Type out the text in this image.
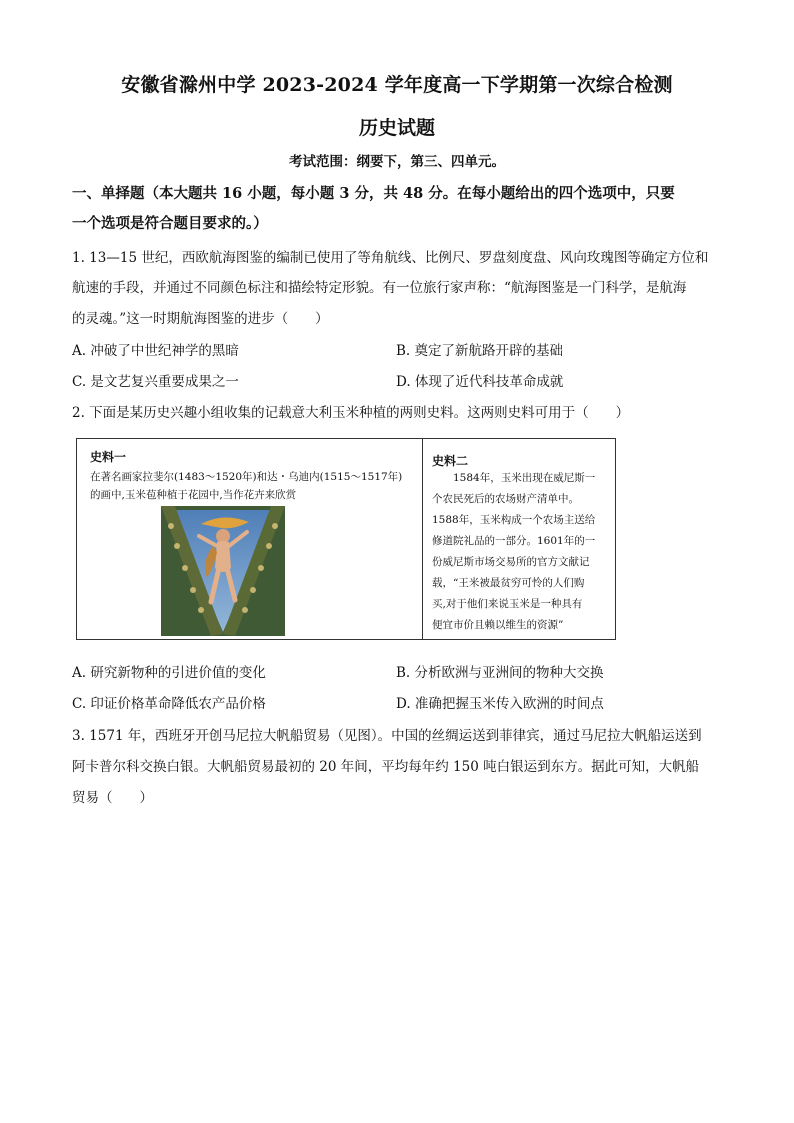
安徽省滁州中学 2023-2024 学年度高一下学期第一次综合检测
历史试题
考试范围：纲要下，第三、四单元。
一、单择题（本大题共 16 小题，每小题 3 分，共 48 分。在每小题给出的四个选项中，只要
一个选项是符合题目要求的。）
1. 13—15 世纪，西欧航海图鉴的编制已使用了等角航线、比例尺、罗盘刻度盘、风向玫瑰图等确定方位和
航速的手段，并通过不同颜色标注和描绘特定形貌。有一位旅行家声称：“航海图鉴是一门科学，是航海
的灵魂。”这一时期航海图鉴的进步（　　）
A. 冲破了中世纪神学的黑暗	B. 奠定了新航路开辟的基础
C. 是文艺复兴重要成果之一	D. 体现了近代科技革命成就
2. 下面是某历史兴趣小组收集的记载意大利玉米种植的两则史料。这两则史料可用于（　　）
史料一
在著名画家拉斐尔(1483～1520年)和达・乌迪内(1515～1517年)
的画中,玉米苞种植于花园中,当作花卉来欣赏
史料二
　　1584年，玉米出现在威尼斯一
个农民死后的农场财产清单中。
1588年，玉米构成一个农场主送给
修道院礼品的一部分。1601年的一
份威尼斯市场交易所的官方文献记
载，“王米被最贫穷可怜的人们购
买,对于他们来说玉米是一种具有
便宜市价且赖以维生的资源”
A. 研究新物种的引进价值的变化	B. 分析欧洲与亚洲间的物种大交换
C. 印证价格革命降低农产品价格	D. 准确把握玉米传入欧洲的时间点
3. 1571 年，西班牙开创马尼拉大帆船贸易（见图）。中国的丝绸运送到菲律宾，通过马尼拉大帆船运送到
阿卡普尔科交换白银。大帆船贸易最初的 20 年间，平均每年约 150 吨白银运到东方。据此可知，大帆船
贸易（　　）
